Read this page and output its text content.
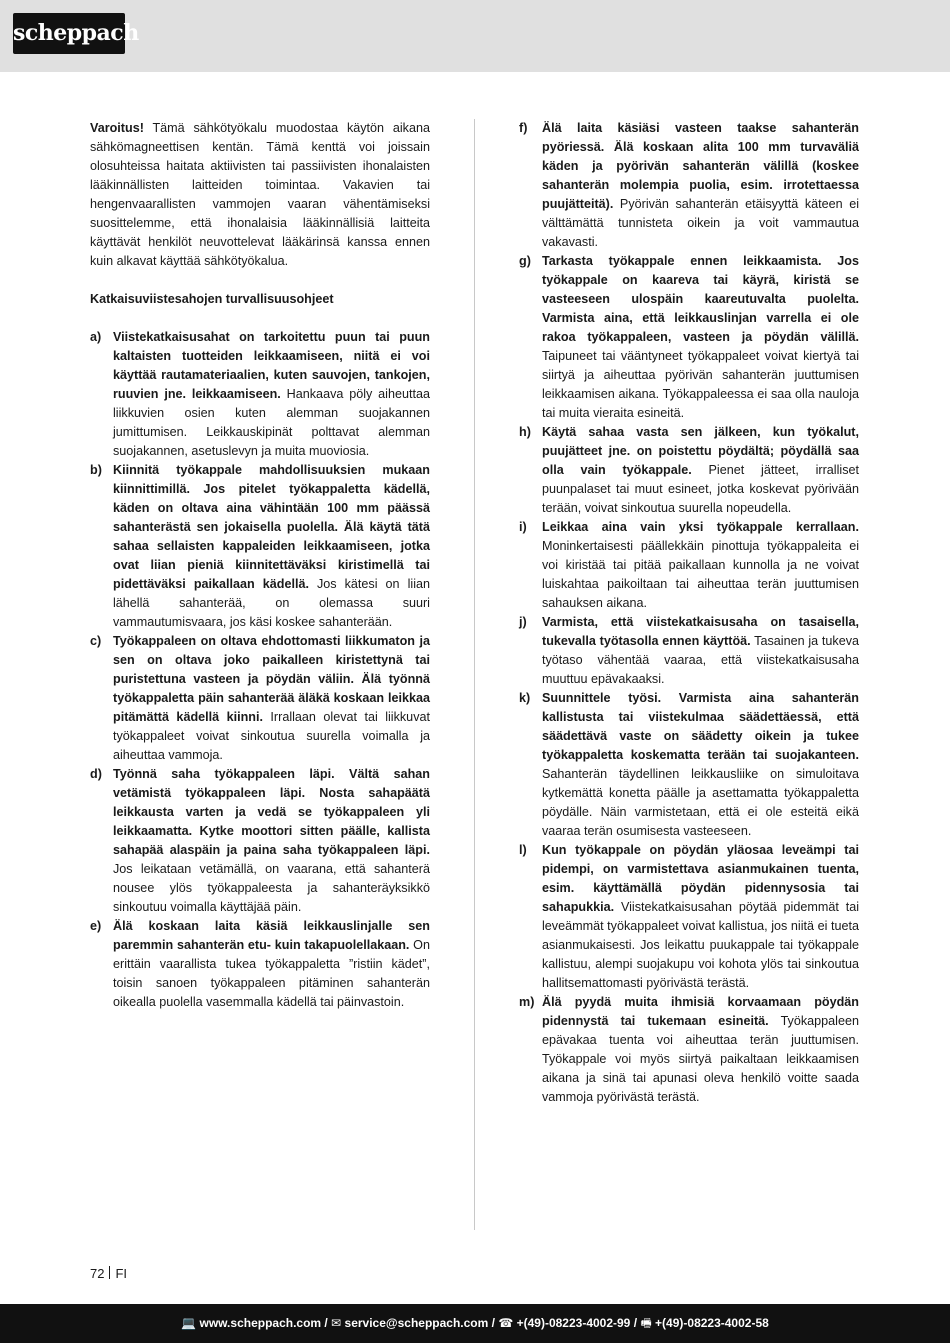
scheppach

Varoitus! Tämä sähkötyökalu muodostaa käytön aikana sähkömagneettisen kentän. Tämä kenttä voi joissain olosuhteissa haitata aktiivisten tai passiivisten ihonalaisten lääkinnällisten laitteiden toimintaa. Vakavien tai hengenvaarallisten vammojen vaaran vähentämiseksi suosittelemme, että ihonalaisia lääkinnällisiä laitteita käyttävät henkilöt neuvottelevat lääkärinsä kanssa ennen kuin alkavat käyttää sähkötyökalua.

Katkaisuviistesahojen turvallisuusohjeet

a) Viistekatkaisusahat on tarkoitettu puun tai puun kaltaisten tuotteiden leikkaamiseen, niitä ei voi käyttää rautamateriaalien, kuten sauvojen, tankojen, ruuvien jne. leikkaamiseen. Hankaava pöly aiheuttaa liikkuvien osien kuten alemman suojakannen jumittumisen. Leikkauskipinät polttavat alemman suojakannen, asetuslevyn ja muita muoviosia.
b) Kiinnitä työkappale mahdollisuuksien mukaan kiinnittimillä. Jos pitelet työkappaletta kädellä, käden on oltava aina vähintään 100 mm päässä sahanterästä sen jokaisella puolella. Älä käytä tätä sahaa sellaisten kappaleiden leikkaamiseen, jotka ovat liian pieniä kiinnitettäväksi kiristimellä tai pidettäväksi paikallaan kädellä. Jos kätesi on liian lähellä sahanterää, on olemassa suuri vammautumisvaara, jos käsi koskee sahanterään.
c) Työkappaleen on oltava ehdottomasti liikkumaton ja sen on oltava joko paikalleen kiristettynä tai puristettuna vasteen ja pöydän väliin. Älä työnnä työkappaletta päin sahanterää äläkä koskaan leikkaa pitämättä kädellä kiinni. Irrallaan olevat tai liikkuvat työkappaleet voivat sinkoutua suurella voimalla ja aiheuttaa vammoja.
d) Työnnä saha työkappaleen läpi. Vältä sahan vetämistä työkappaleen läpi. Nosta sahapäätä leikkausta varten ja vedä se työkappaleen yli leikkaamatta. Kytke moottori sitten päälle, kallista sahapää alaspäin ja paina saha työkappaleen läpi. Jos leikataan vetämällä, on vaarana, että sahanterä nousee ylös työkappaleesta ja sahanteräyksikkö sinkoutuu voimalla käyttäjää päin.
e) Älä koskaan laita käsiä leikkauslinjalle sen paremmin sahanterän etu- kuin takapuolellakaan. On erittäin vaarallista tukea työkappaletta ”ristiin kädet”, toisin sanoen työkappaleen pitäminen sahanterän oikealla puolella vasemmalla kädellä tai päinvastoin.
f)	Älä laita käsiäsi vasteen taakse sahanterän pyöriessä. Älä koskaan alita 100 mm turvaväliä käden ja pyörivän sahanterän välillä (koskee sahanterän molempia puolia, esim. irrotettaessa puujätteitä). Pyörivän sahanterän etäisyyttä käteen ei välttämättä tunnisteta oikein ja voit vammautua vakavasti.
g) Tarkasta työkappale ennen leikkaamista. Jos työkappale on kaareva tai käyrä, kiristä se vasteeseen ulospäin kaareutuvalta puolelta. Varmista aina, että leikkauslinjan varrella ei ole rakoa työkappaleen, vasteen ja pöydän välillä. Taipuneet tai vääntyneet työkappaleet voivat kiertyä tai siirtyä ja aiheuttaa pyörivän sahanterän juuttumisen leikkaamisen aikana. Työkappaleessa ei saa olla nauloja tai muita vieraita esineitä.
h) Käytä sahaa vasta sen jälkeen, kun työkalut, puujätteet jne. on poistettu pöydältä; pöydällä saa olla vain työkappale. Pienet jätteet, irralliset puunpalaset tai muut esineet, jotka koskevat pyörivään terään, voivat sinkoutua suurella nopeudella.
i)	Leikkaa aina vain yksi työkappale kerrallaan. Moninkertaisesti päällekkäin pinottuja työkappaleita ei voi kiristää tai pitää paikallaan kunnolla ja ne voivat luiskahtaa paikoiltaan tai aiheuttaa terän juuttumisen sahauksen aikana.
j)	Varmista, että viistekatkaisusaha on tasaisella, tukevalla työtasolla ennen käyttöä. Tasainen ja tukeva työtaso vähentää vaaraa, että viistekatkaisusaha muuttuu epävakaaksi.
k) Suunnittele työsi. Varmista aina sahanterän kallistusta tai viistekulmaa säädettäessä, että säädettävä vaste on säädetty oikein ja tukee työkappaletta koskematta terään tai suojakanteen. Sahanterän täydellinen leikkausliike on simuloitava kytkemättä konetta päälle ja asettamatta työkappaletta pöydälle. Näin varmistetaan, että ei ole esteitä eikä vaaraa terän osumisesta vasteeseen.
l)	Kun työkappale on pöydän yläosaa leveämpi tai pidempi, on varmistettava asianmukainen tuenta, esim. käyttämällä pöydän pidennysosia tai sahapukkia. Viistekatkaisusahan pöytää pidemmät tai leveämmät työkappaleet voivat kallistua, jos niitä ei tueta asianmukaisesti. Jos leikattu puukappale tai työkappale kallistuu, alempi suojakupu voi kohota ylös tai sinkoutua hallitsemattomasti pyörivästä terästä.
m) Älä pyydä muita ihmisiä korvaamaan pöydän pidennystä tai tukemaan esineitä. Työkappaleen epävakaa tuenta voi aiheuttaa terän juuttumisen. Työkappale voi myös siirtyä paikaltaan leikkaamisen aikana ja sinä tai apunasi oleva henkilö voitte saada vammoja pyörivästä terästä.
72 FI
💻 www.scheppach.com / ✉ service@scheppach.com / ☎ +(49)-08223-4002-99 / 🖷 +(49)-08223-4002-58
